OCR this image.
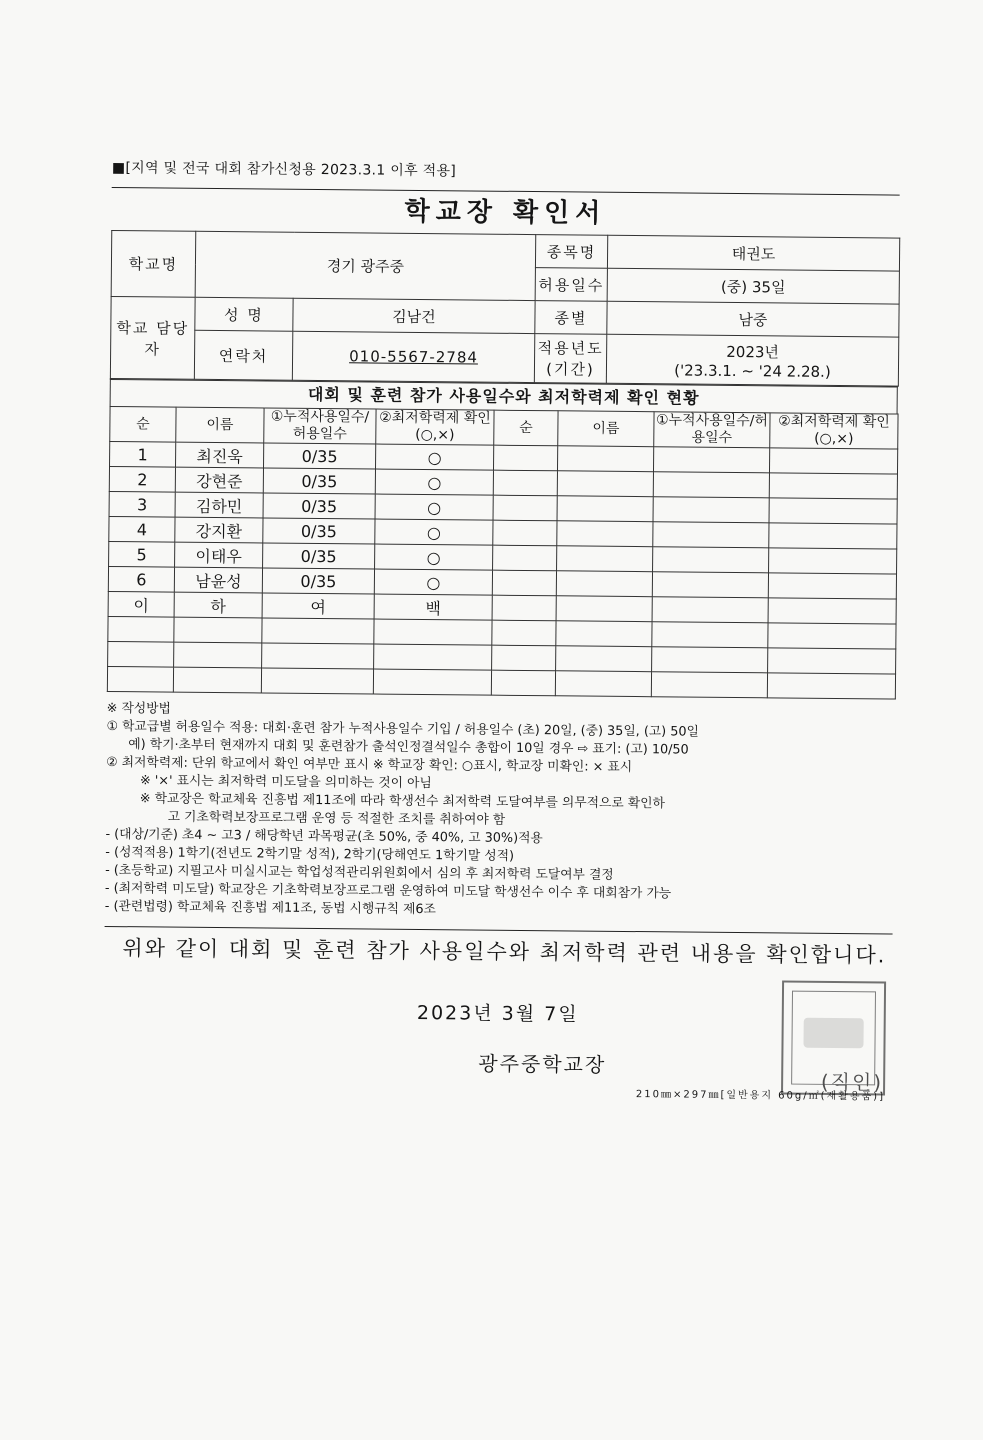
■[지역 및 전국 대회 참가신청용 2023.3.1 이후 적용]
학교장 확인서
학교명	경기 광주중		종목명	태권도
			허용일수	(중) 35일
학교 담당자	성 명	김남건	종별	남중
	연락처	010-5567-2784	적용년도 (기간)	2023년
('23.3.1. ~ '24 2.28.)
대회 및 훈련 참가 사용일수와 최저학력제 확인 현황
순	이름	①누적사용일수/허용일수	②최저학력제 확인(○,×)	순	이름	①누적사용일수/허용일수	②최저학력제 확인(○,×)

1	최진욱	0/35	○				
2	강현준	0/35	○				
3	김하민	0/35	○				
4	강지환	0/35	○				
5	이태우	0/35	○				
6	남윤성	0/35	○				
이	하	여	백				

※ 작성방법
① 학교급별 허용일수 적용: 대회·훈련 참가 누적사용일수 기입 / 허용일수 (초) 20일, (중) 35일, (고) 50일
예) 학기·초부터 현재까지 대회 및 훈련참가 출석인정결석일수 총합이 10일 경우 ⇨ 표기: (고) 10/50
② 최저학력제: 단위 학교에서 확인 여부만 표시 ※ 학교장 확인: ○표시, 학교장 미확인: × 표시
※ '×' 표시는 최저학력 미도달을 의미하는 것이 아님
※ 학교장은 학교체육 진흥법 제11조에 따라 학생선수 최저학력 도달여부를 의무적으로 확인하
고 기초학력보장프로그램 운영 등 적절한 조치를 취하여야 함
- (대상/기준) 초4 ~ 고3 / 해당학년 과목평균(초 50%, 중 40%, 고 30%)적용
- (성적적용) 1학기(전년도 2학기말 성적), 2학기(당해연도 1학기말 성적)
- (초등학교) 지필고사 미실시교는 학업성적관리위원회에서 심의 후 최저학력 도달여부 결정
- (최저학력 미도달) 학교장은 기초학력보장프로그램 운영하여 미도달 학생선수 이수 후 대회참가 가능
- (관련법령) 학교체육 진흥법 제11조, 동법 시행규칙 제6조
위와 같이 대회 및 훈련 참가 사용일수와 최저학력 관련 내용을 확인합니다.
2023년 3월 7일
광주중학교장
(직인)
210㎜×297㎜[일반용지 60g/㎡(재활용품)]
